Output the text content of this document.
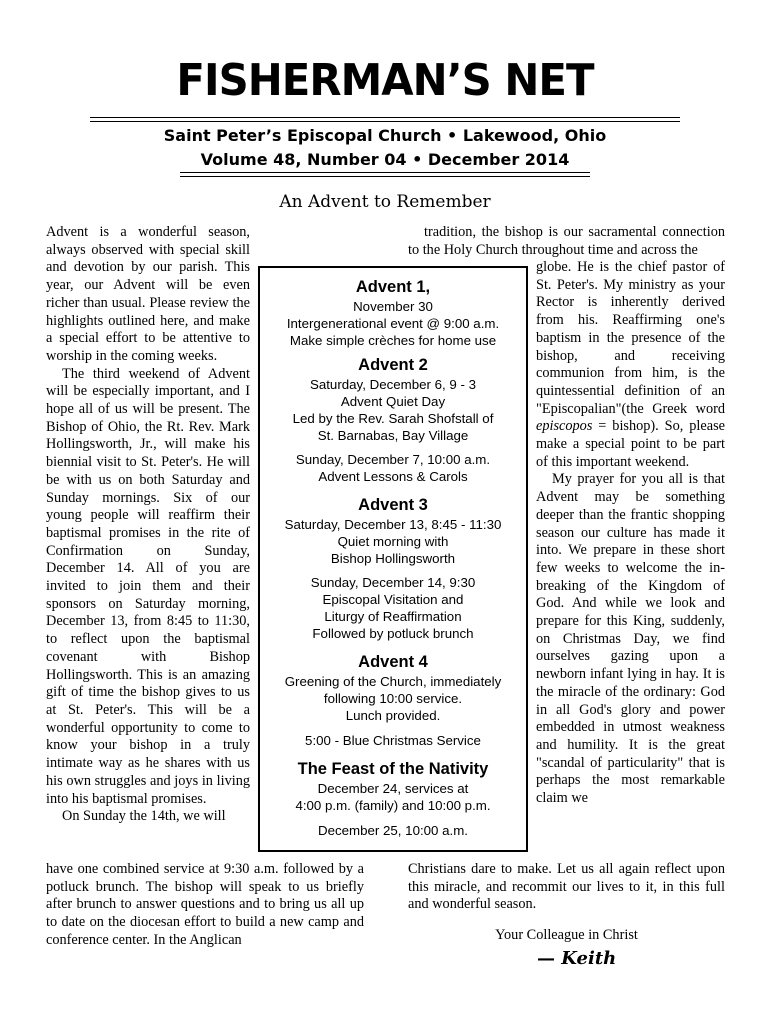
FISHERMAN’S NET
Saint Peter’s Episcopal Church • Lakewood, Ohio
Volume 48, Number 04 • December 2014
An Advent to Remember

Advent is a wonderful season, always observed with special skill and devotion by our parish. This year, our Advent will be even richer than usual. Please review the highlights outlined here, and make a special effort to be attentive to worship in the coming weeks.

The third weekend of Advent will be especially important, and I hope all of us will be present. The Bishop of Ohio, the Rt. Rev. Mark Hollingsworth, Jr., will make his biennial visit to St. Peter's. He will be with us on both Saturday and Sunday mornings. Six of our young people will reaffirm their baptismal promises in the rite of Confirmation on Sunday, December 14. All of you are invited to join them and their sponsors on Saturday morning, December 13, from 8:45 to 11:30, to reflect upon the baptismal covenant with Bishop Hollingsworth. This is an amazing gift of time the bishop gives to us at St. Peter's. This will be a wonderful opportunity to come to know your bishop in a truly intimate way as he shares with us his own struggles and joys in living into his baptismal promises.

On Sunday the 14th, we will

have one combined service at 9:30 a.m. followed by a potluck brunch. The bishop will speak to us briefly after brunch to answer questions and to bring us all up to date on the diocesan effort to build a new camp and conference center. In the Anglican

tradition, the bishop is our sacramental connection to the Holy Church throughout time and across the

globe. He is the chief pastor of St. Peter's. My ministry as your Rector is inherently derived from his. Reaffirming one's baptism in the presence of the bishop, and receiving communion from him, is the quintessential definition of an "Episcopalian"(the Greek word episcopos = bishop). So, please make a special point to be part of this important weekend.

My prayer for you all is that Advent may be something deeper than the frantic shopping season our culture has made it into. We prepare in these short few weeks to welcome the in-breaking of the Kingdom of God. And while we look and prepare for this King, suddenly, on Christmas Day, we find ourselves gazing upon a newborn infant lying in hay. It is the miracle of the ordinary: God in all God's glory and power embedded in utmost weakness and humility. It is the great "scandal of particularity" that is perhaps the most remarkable claim we

Christians dare to make. Let us all again reflect upon this miracle, and recommit our lives to it, in this full and wonderful season.

Advent 1,
November 30
Intergenerational event @ 9:00 a.m.
Make simple crèches for home use
Advent 2
Saturday, December 6, 9 - 3
Advent Quiet Day
Led by the Rev. Sarah Shofstall of
St. Barnabas, Bay Village
Sunday, December 7, 10:00 a.m.
Advent Lessons & Carols
Advent 3
Saturday, December 13, 8:45 - 11:30
Quiet morning with
Bishop Hollingsworth
Sunday, December 14, 9:30
Episcopal Visitation and
Liturgy of Reaffirmation
Followed by potluck brunch
Advent 4
Greening of the Church, immediately
following 10:00 service.
Lunch provided.
5:00 - Blue Christmas Service
The Feast of the Nativity
December 24, services at
4:00 p.m. (family) and 10:00 p.m.
December 25, 10:00 a.m.
Your Colleague in Christ
— Keith
